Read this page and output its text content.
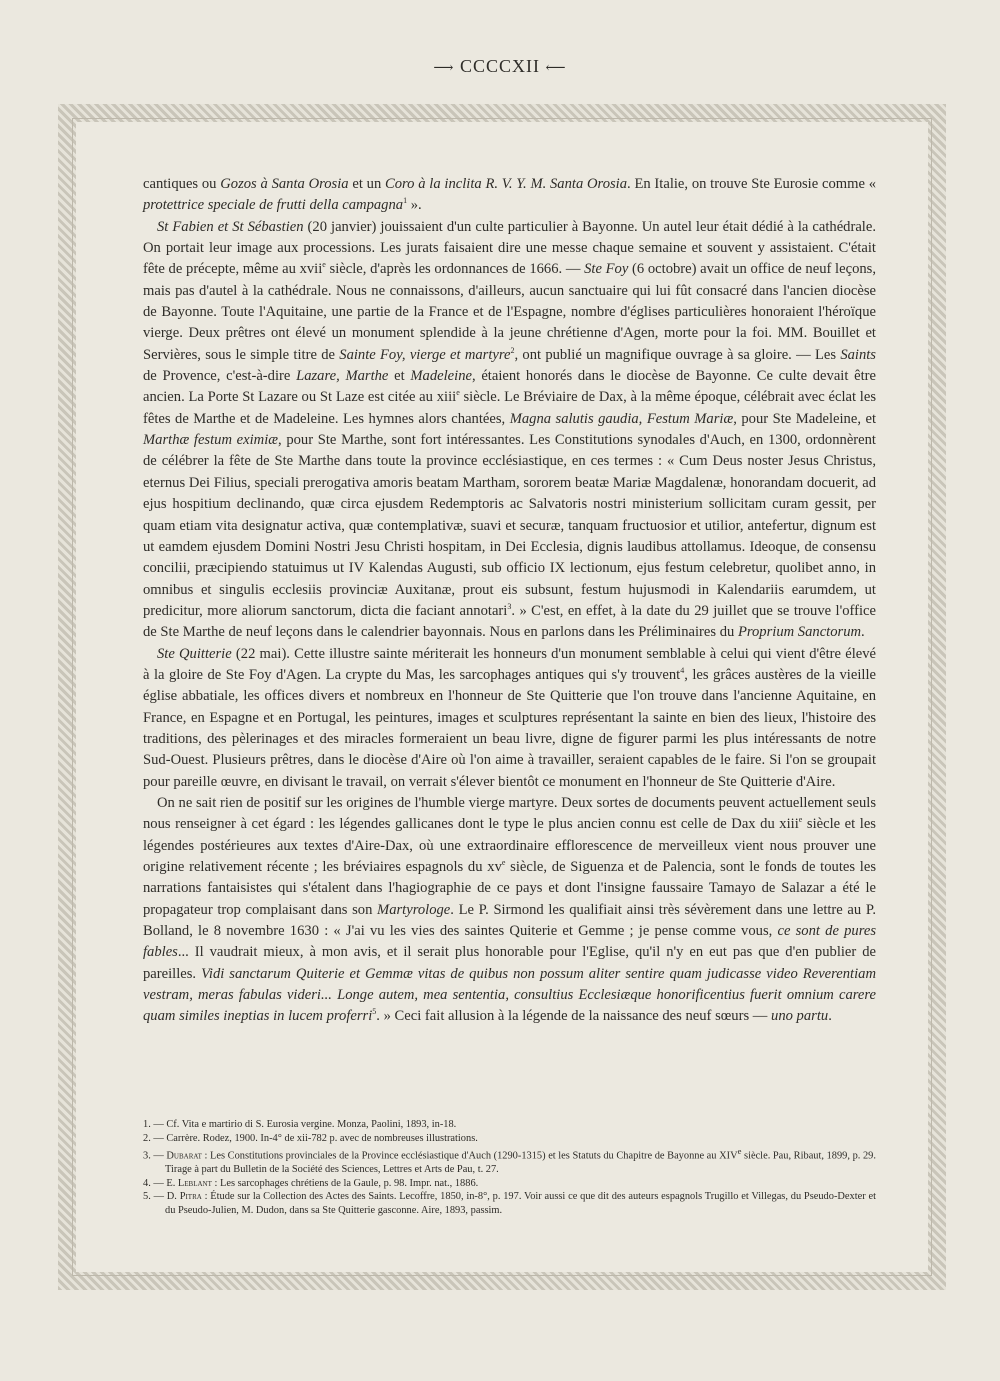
⟶ CCCCXII ⟵

cantiques ou Gozos à Santa Orosia et un Coro à la inclita R. V. Y. M. Santa Orosia. En Italie, on trouve Ste Eurosie comme « protettrice speciale de frutti della campagna$^1$ ».

St Fabien et St Sébastien (20 janvier) jouissaient d'un culte particulier à Bayonne. Un autel leur était dédié à la cathédrale. On portait leur image aux processions. Les jurats faisaient dire une messe chaque semaine et souvent y assistaient. C'était fête de précepte, même au xvii$^e$ siècle, d'après les ordonnances de 1666. — Ste Foy (6 octobre) avait un office de neuf leçons, mais pas d'autel à la cathédrale. Nous ne connaissons, d'ailleurs, aucun sanctuaire qui lui fût consacré dans l'ancien diocèse de Bayonne. Toute l'Aquitaine, une partie de la France et de l'Espagne, nombre d'églises particulières honoraient l'héroïque vierge. Deux prêtres ont élevé un monument splendide à la jeune chrétienne d'Agen, morte pour la foi. MM. Bouillet et Servières, sous le simple titre de Sainte Foy, vierge et martyre$^2$, ont publié un magnifique ouvrage à sa gloire. — Les Saints de Provence, c'est-à-dire Lazare, Marthe et Madeleine, étaient honorés dans le diocèse de Bayonne. Ce culte devait être ancien. La Porte St Lazare ou St Laze est citée au xiii$^e$ siècle. Le Bréviaire de Dax, à la même époque, célébrait avec éclat les fêtes de Marthe et de Madeleine. Les hymnes alors chantées, Magna salutis gaudia, Festum Mariæ, pour Ste Madeleine, et Marthæ festum eximiæ, pour Ste Marthe, sont fort intéressantes. Les Constitutions synodales d'Auch, en 1300, ordonnèrent de célébrer la fête de Ste Marthe dans toute la province ecclésiastique, en ces termes : « Cum Deus noster Jesus Christus, eternus Dei Filius, speciali prerogativa amoris beatam Martham, sororem beatæ Mariæ Magdalenæ, honorandam docuerit, ad ejus hospitium declinando, quæ circa ejusdem Redemptoris ac Salvatoris nostri ministerium sollicitam curam gessit, per quam etiam vita designatur activa, quæ contemplativæ, suavi et securæ, tanquam fructuosior et utilior, antefertur, dignum est ut eamdem ejusdem Domini Nostri Jesu Christi hospitam, in Dei Ecclesia, dignis laudibus attollamus. Ideoque, de consensu concilii, præcipiendo statuimus ut IV Kalendas Augusti, sub officio IX lectionum, ejus festum celebretur, quolibet anno, in omnibus et singulis ecclesiis provinciæ Auxitanæ, prout eis subsunt, festum hujusmodi in Kalendariis earumdem, ut predicitur, more aliorum sanctorum, dicta die faciant annotari$^3$. » C'est, en effet, à la date du 29 juillet que se trouve l'office de Ste Marthe de neuf leçons dans le calendrier bayonnais. Nous en parlons dans les Préliminaires du Proprium Sanctorum.

Ste Quitterie (22 mai). Cette illustre sainte mériterait les honneurs d'un monument semblable à celui qui vient d'être élevé à la gloire de Ste Foy d'Agen. La crypte du Mas, les sarcophages antiques qui s'y trouvent$^4$, les grâces austères de la vieille église abbatiale, les offices divers et nombreux en l'honneur de Ste Quitterie que l'on trouve dans l'ancienne Aquitaine, en France, en Espagne et en Portugal, les peintures, images et sculptures représentant la sainte en bien des lieux, l'histoire des traditions, des pèlerinages et des miracles formeraient un beau livre, digne de figurer parmi les plus intéressants de notre Sud-Ouest. Plusieurs prêtres, dans le diocèse d'Aire où l'on aime à travailler, seraient capables de le faire. Si l'on se groupait pour pareille œuvre, en divisant le travail, on verrait s'élever bientôt ce monument en l'honneur de Ste Quitterie d'Aire.

On ne sait rien de positif sur les origines de l'humble vierge martyre. Deux sortes de documents peuvent actuellement seuls nous renseigner à cet égard : les légendes gallicanes dont le type le plus ancien connu est celle de Dax du xiii$^e$ siècle et les légendes postérieures aux textes d'Aire-Dax, où une extraordinaire efflorescence de merveilleux vient nous prouver une origine relativement récente ; les bréviaires espagnols du $xv^e$ siècle, de Siguenza et de Palencia, sont le fonds de toutes les narrations fantaisistes qui s'étalent dans l'hagiographie de ce pays et dont l'insigne faussaire Tamayo de Salazar a été le propagateur trop complaisant dans son Martyrologe. Le P. Sirmond les qualifiait ainsi très sévèrement dans une lettre au P. Bolland, le 8 novembre 1630 : « J'ai vu les vies des saintes Quiterie et Gemme ; je pense comme vous, ce sont de pures fables... Il vaudrait mieux, à mon avis, et il serait plus honorable pour l'Eglise, qu'il n'y en eut pas que d'en publier de pareilles. Vidi sanctarum Quiterie et Gemmæ vitas de quibus non possum aliter sentire quam judicasse video Reverentiam vestram, meras fabulas videri... Longe autem, mea sententia, consultius Ecclesiæque honorificentius fuerit omnium carere quam similes ineptias in lucem proferri$^5$. » Ceci fait allusion à la légende de la naissance des neuf sœurs — uno partu.

1. — Cf. Vita e martirio di S. Eurosia vergine. Monza, Paolini, 1893, in-18.

2. — Carrère. Rodez, 1900. In-4° de xii-782 p. avec de nombreuses illustrations.

3. — Dubarat : Les Constitutions provinciales de la Province ecclésiastique d'Auch (1290-1315) et les Statuts du Chapitre de Bayonne au XIVe siècle. Pau, Ribaut, 1899, p. 29. Tirage à part du Bulletin de la Société des Sciences, Lettres et Arts de Pau, t. 27.

4. — E. Leblant : Les sarcophages chrétiens de la Gaule, p. 98. Impr. nat., 1886.

5. — D. Pitra : Étude sur la Collection des Actes des Saints. Lecoffre, 1850, in-8°, p. 197. Voir aussi ce que dit des auteurs espagnols Trugillo et Villegas, du Pseudo-Dexter et du Pseudo-Julien, M. Dudon, dans sa Ste Quitterie gasconne. Aire, 1893, passim.
